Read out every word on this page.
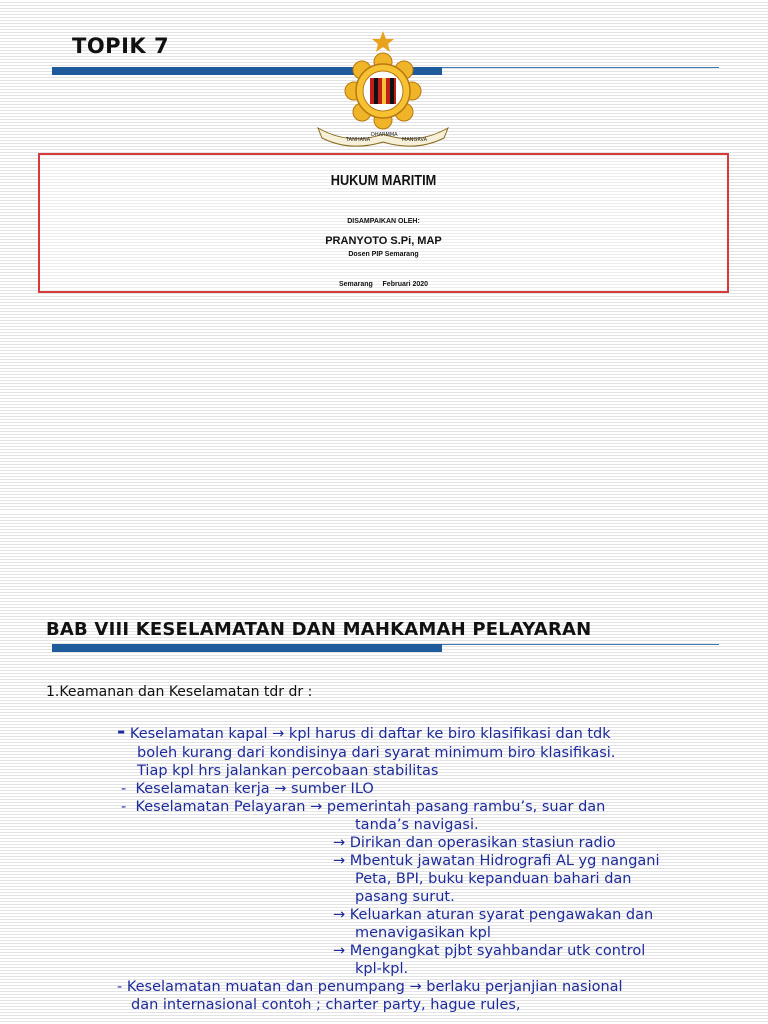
TOPIK 7
TANHANA
DHARMMA
MANGRVA
HUKUM MARITIM
DISAMPAIKAN OLEH:
PRANYOTO S.Pi, MAP
Dosen PIP Semarang
Semarang Februari 2020
BAB VIII KESELAMATAN DAN MAHKAMAH PELAYARAN
1.Keamanan dan Keselamatan tdr dr :
- Keselamatan kapal → kpl harus di daftar ke biro klasifikasi dan tdk
boleh kurang dari kondisinya dari syarat minimum biro klasifikasi.
Tiap kpl hrs jalankan percobaan stabilitas
-  Keselamatan kerja → sumber ILO
-  Keselamatan Pelayaran → pemerintah pasang rambu’s, suar dan
tanda’s navigasi.
→ Dirikan dan operasikan stasiun radio
→ Mbentuk jawatan Hidrografi AL yg nangani
Peta, BPI, buku kepanduan bahari dan
pasang surut.
→ Keluarkan aturan syarat pengawakan dan
menavigasikan kpl
→ Mengangkat pjbt syahbandar utk control
kpl-kpl.
- Keselamatan muatan dan penumpang → berlaku perjanjian nasional
dan internasional contoh ; charter party, hague rules,
